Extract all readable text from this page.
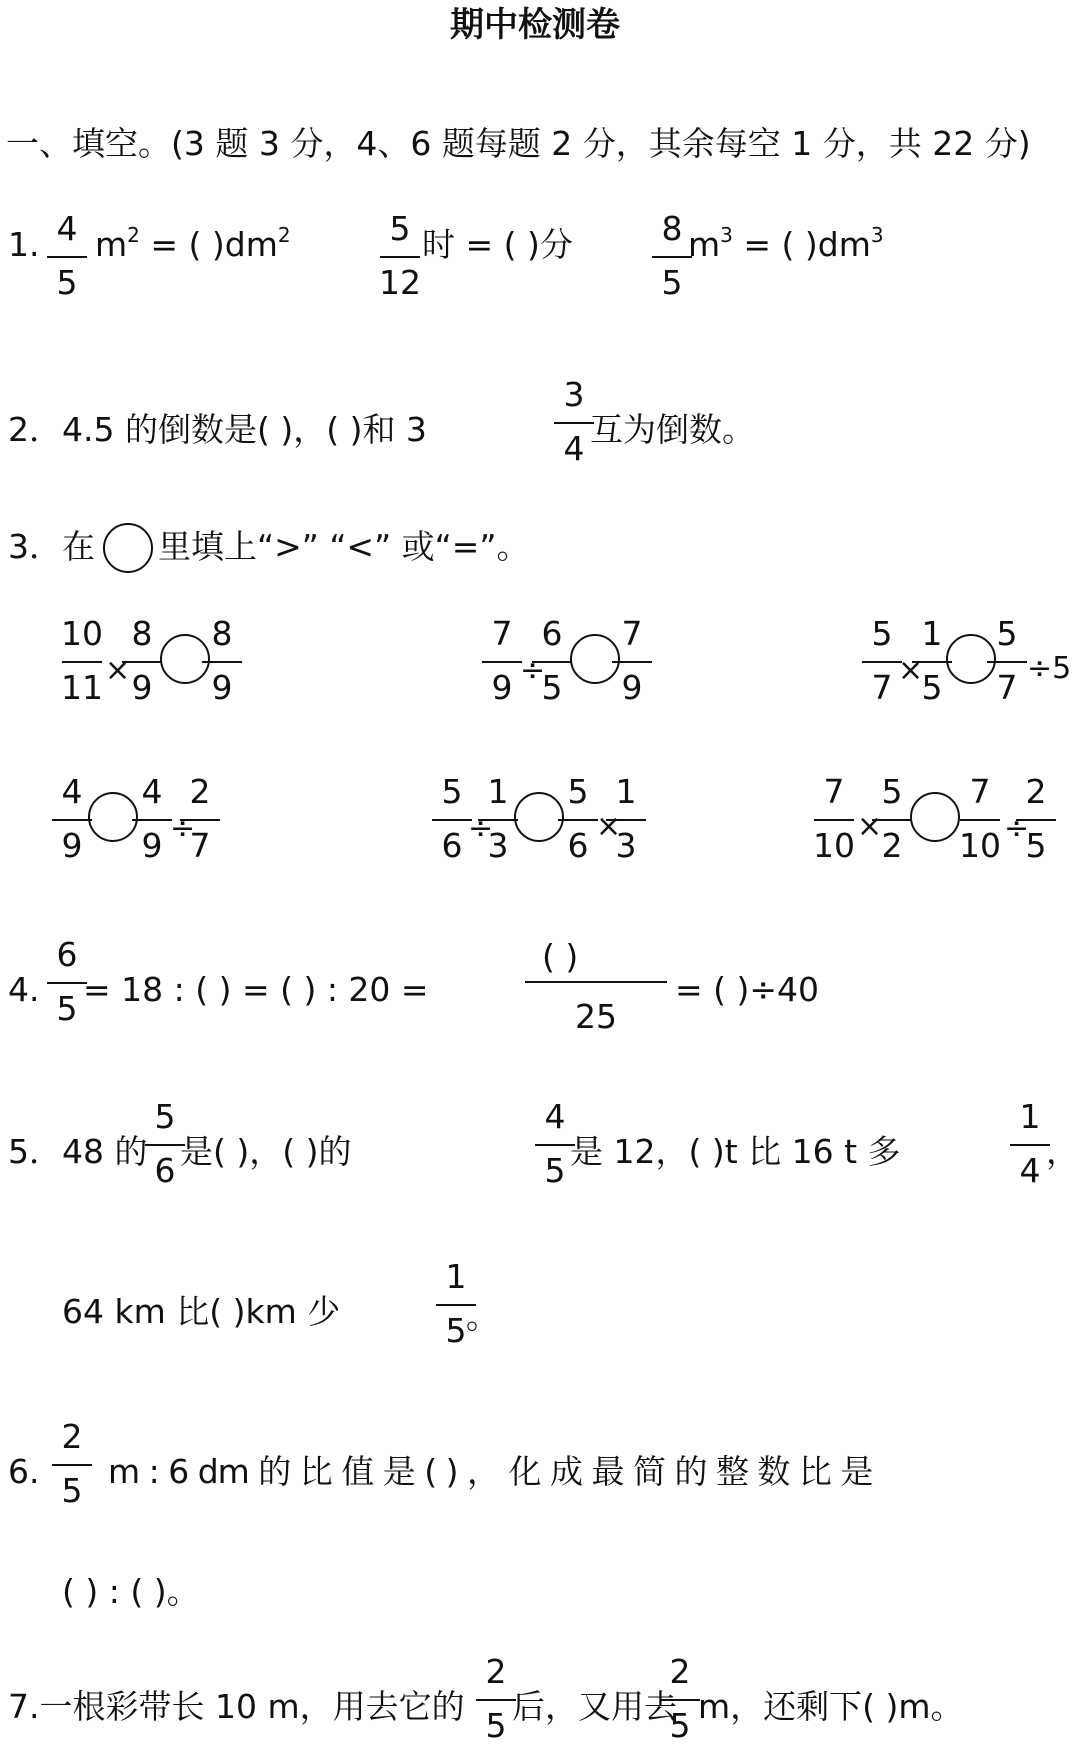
期中检测卷
一、填空。(3 题 3 分，4、6 题每题 2 分，其余每空 1 分，共 22 分)
1. 4
5
$m^2$ = ( )$dm^2$	5
12
时 = ( )分	8
5
$m^3$ = ( )$dm^3$
2．4.5 的倒数是( )，( )和 3
3
4 互为倒数。
3．在 里填上“>” “<” 或“=”。
10
11 ×
8
9
8
9
7
9 ÷
6
5
7
9
5
7 ×
1
5
5
7 ÷5
4
9
4
9 ÷
2
7
5
6 ÷
1
3
5
6 ×
1
3
7
10 ×
5
2
7
10 ÷
2
5
4.
6
5 = 18 : ( ) = ( ) : 20 =
( )
25
= ( )÷40
5．48 的
5
6 是( )，( )的
4
5 是 12，( )t 比 16 t 多
1
4 ，
64 km 比( )km 少
1
5 。
6.
2
5 m : 6 dm 的 比 值 是 ( ) ， 化 成 最 简 的 整 数 比 是
( ) : ( )。
7.一根彩带长 10 m，用去它的
2
5 后，又用去
2
5 m，还剩下( )m。
